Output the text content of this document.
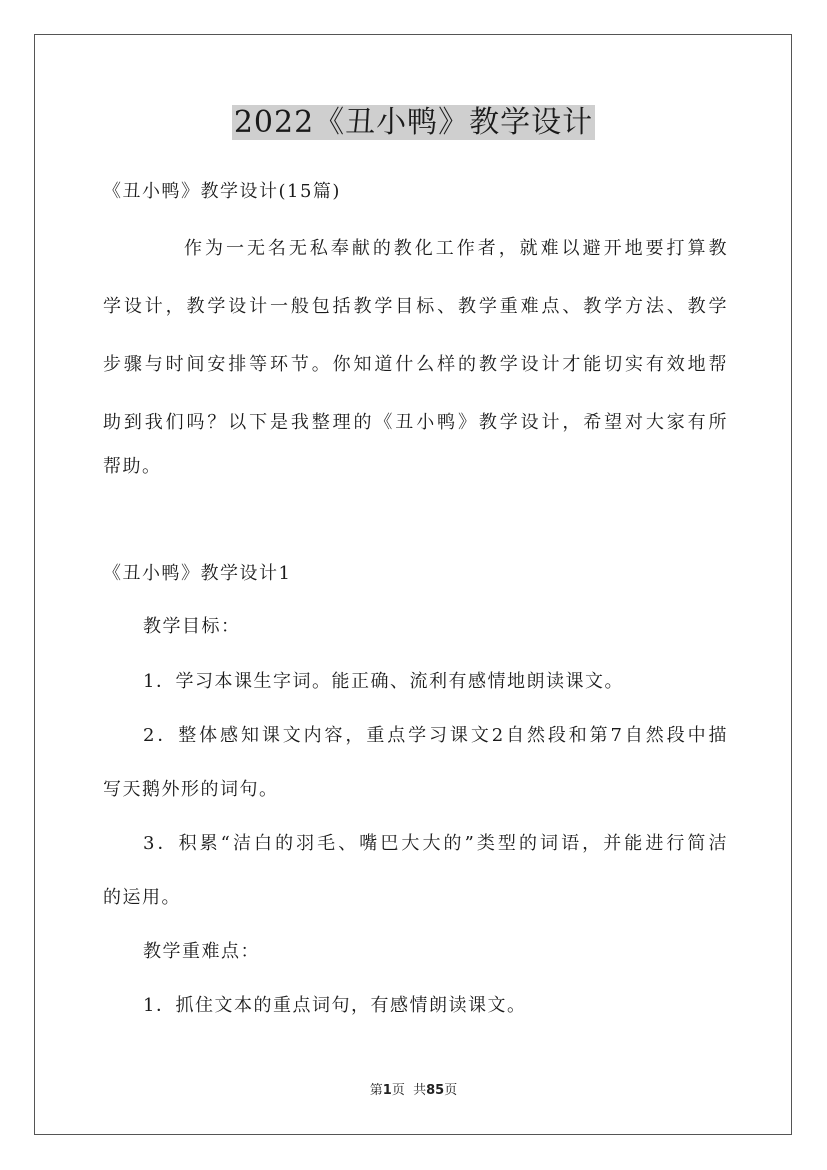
2022《丑小鸭》教学设计

《丑小鸭》教学设计(15篇)

作为一无名无私奉献的教化工作者，就难以避开地要打算教

学设计，教学设计一般包括教学目标、教学重难点、教学方法、教学

步骤与时间安排等环节。你知道什么样的教学设计才能切实有效地帮

助到我们吗？以下是我整理的《丑小鸭》教学设计，希望对大家有所

帮助。

《丑小鸭》教学设计1

教学目标：

1．学习本课生字词。能正确、流利有感情地朗读课文。

2．整体感知课文内容，重点学习课文2自然段和第7自然段中描

写天鹅外形的词句。

3．积累“洁白的羽毛、嘴巴大大的”类型的词语，并能进行简洁

的运用。

教学重难点：

1．抓住文本的重点词句，有感情朗读课文。

第1页  共85页
